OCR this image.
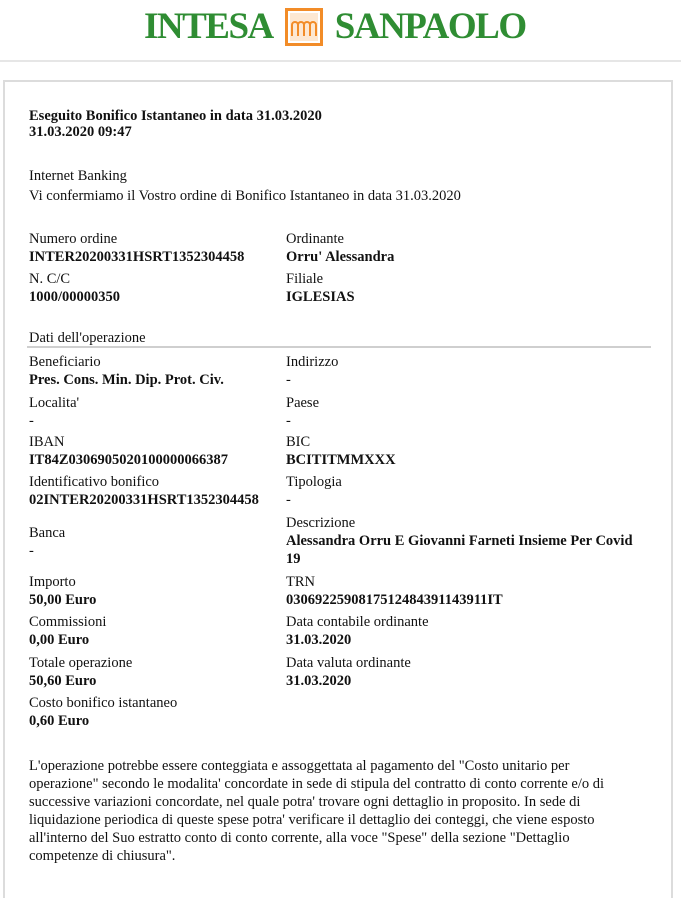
INTESA SANPAOLO
Eseguito Bonifico Istantaneo in data 31.03.2020
31.03.2020 09:47
Internet Banking
Vi confermiamo il Vostro ordine di Bonifico Istantaneo in data 31.03.2020
Numero ordine
INTER20200331HSRT1352304458
Ordinante
Orru' Alessandra
N. C/C
1000/00000350
Filiale
IGLESIAS
Dati dell'operazione
Beneficiario
Pres. Cons. Min. Dip. Prot. Civ.
Indirizzo
-
Localita'
-
Paese
-
IBAN
IT84Z0306905020100000066387
BIC
BCITITMMXXX
Identificativo bonifico
02INTER20200331HSRT1352304458
Tipologia
-
Banca
-
Descrizione
Alessandra Orru E Giovanni Farneti Insieme Per Covid 19
Importo
50,00 Euro
TRN
0306922590817512484391143911IT
Commissioni
0,00 Euro
Data contabile ordinante
31.03.2020
Totale operazione
50,60 Euro
Data valuta ordinante
31.03.2020
Costo bonifico istantaneo
0,60 Euro
L'operazione potrebbe essere conteggiata e assoggettata al pagamento del "Costo unitario per operazione" secondo le modalita' concordate in sede di stipula del contratto di conto corrente e/o di successive variazioni concordate, nel quale potra' trovare ogni dettaglio in proposito. In sede di liquidazione periodica di queste spese potra' verificare il dettaglio dei conteggi, che viene esposto all'interno del Suo estratto conto di conto corrente, alla voce "Spese" della sezione "Dettaglio competenze di chiusura".
